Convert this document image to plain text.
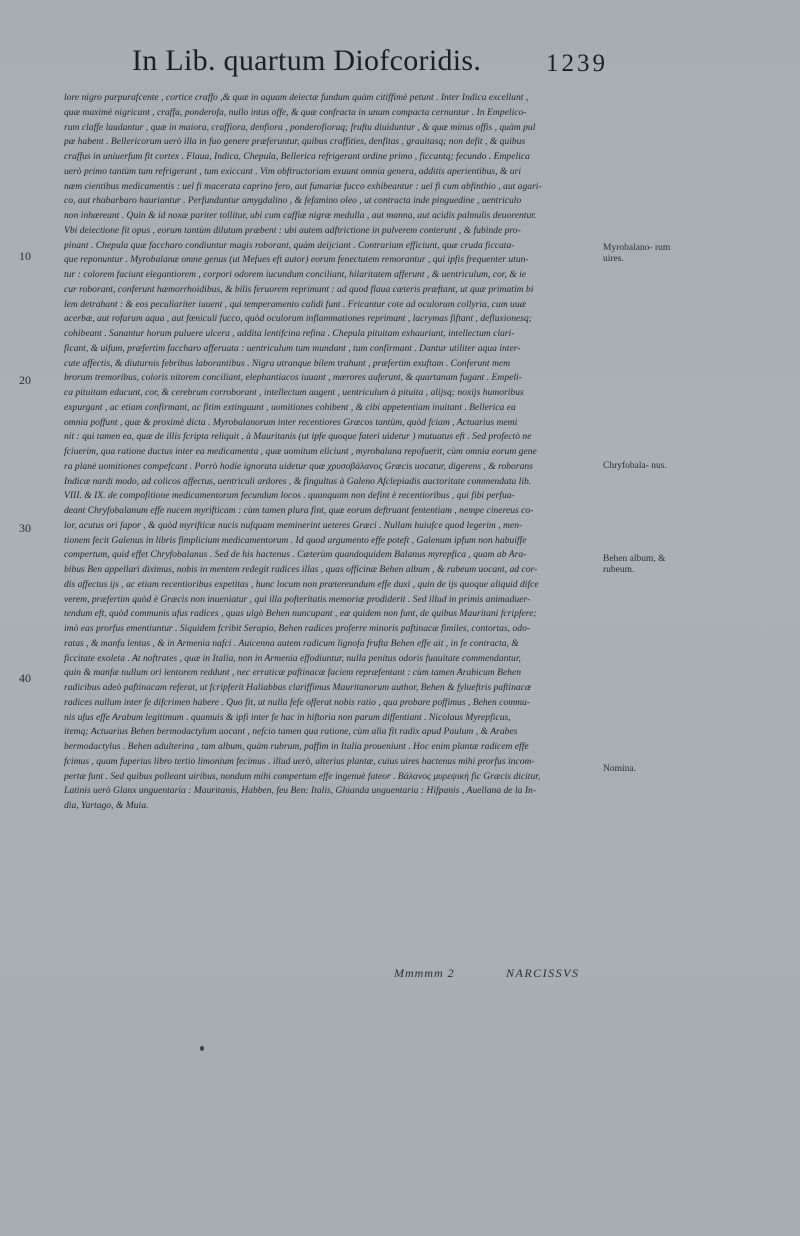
In Lib. quartum Diofcoridis.	1239
lore nigro purpurafcente , cortice craffo ,& quæ in aquam deiectæ fundum quàm citiffimè petunt . Inter Indica excellunt ,
quæ maximè nigricant , craffa, ponderofa, nullo intus offe, & quæ confracta in unum compacta cernuntur . In Empelico-
rum claffe laudantur , quæ in maiora, craffiora, denfiora , ponderofioraq; fruftu diuiduntur , & quæ minus offis , quàm pul
pæ habent . Bellericorum uerò illa in fuo genere præferuntur, quibus craffities, denfitas , grauitasq; non defit , & quibus
craffus in uniuerfum fit cortex . Flaua, Indica, Chepula, Bellerica refrigerant ordine primo , ficcantq; fecundo . Empelica
uerò primo tantùm tum refrigerant , tum exiccant . Vim obftructoriam exuunt omnia genera, additis aperientibus, & uri
næm cientibus medicamentis : uel fi macerata caprino fero, aut fumariæ fucco exhibeantur : uel fi cum abfinthio , aut agari-
co, aut rhabarbaro hauriantur . Perfunduntur amygdalino , & fefamino oleo , ut contracta inde pinguedine , uentriculo
non inhæreant . Quin & id noxæ pariter tollitur, ubi cum caffiæ nigræ medulla , aut manna, aut acidis palmulis deuorentur.
Vbi deiectione fit opus , eorum tantùm dilutum præbent : ubi autem adftrictione in pulverem conterunt , & fubinde pro-
pinant . Chepula quæ faccharo condiuntur magis roborant, quàm deijciant . Contrarium efficiunt, quæ cruda ficcata-
que reponuntur . Myrobalanæ omne genus (ut Mefues eft autor) eorum fenectutem remorantur , qui ipfis frequenter utun-
tur : colorem faciunt elegantiorem , corpori odorem iucundum conciliant, hilaritatem afferunt , & uentriculum, cor, & ie
cur roborant, conferunt hæmorrhoidibus, & bilis feruorem reprimunt : ad quod flaua cæteris præftant, ut quæ primatim bi
lem detrahant : & eos peculiariter iuuent , qui temperamento calidi funt . Fricantur cote ad oculorum collyria, cum uuæ
acerbæ, aut rofarum aqua , aut fœniculi fucco, quòd oculorum inflammationes reprimant , lacrymas fiftant , defluxionesq;
cohibeant . Sanantur horum puluere ulcera , addita lentifcina refina . Chepula pituitam exhauriunt, intellectum clari-
ficant, & uifum, præfertim faccharo afferuata : uentriculum tum mundant , tum confirmant . Dantur utiliter aqua inter-
cute affectis, & diuturnis febribus laborantibus . Nigra utranque bilem trahunt , præfertim exuftam . Conferunt mem
brorum tremoribus, coloris nitorem conciliant, elephantiacos iuuant , mœrores auferunt, & quartanam fugant . Empeli-
ca pituitam educunt, cor, & cerebrum corroborant , intellectum augent , uentriculum à pituita , alijsq; noxijs humoribus
expurgant , ac etiam confirmant, ac fitim extinguunt , uomitiones cohibent , & cibi appetentiam inuitant . Bellerica ea
omnia poffunt , quæ & proximè dicta . Myrobalanorum inter recentiores Græcos tantùm, quòd fciam , Actuarius memi
nit : qui tamen ea, quæ de illis fcripta reliquit , à Mauritanis (ut ipfe quoque fateri uidetur ) mutuatus eft . Sed profectò ne
fciuerim, qua ratione ductus inter ea medicamenta , quæ uomitum eliciunt , myrobalana repofuerit, cùm omnia eorum gene
ra planè uomitiones compefcant . Porrò hodie ignorata uidetur quæ χρυσοβάλανος Græcis uocatur, digerens , & roborans
Indicæ nardi modo, ad colicos affectus, uentriculi ardores , & fingultus à Galeno Afclepiadis auctoritate commendata lib.
VIII. & IX. de compofitione medicamentorum fecundum locos . quanquam non defint è recentioribus , qui fibi perfua-
deant Chryfobalanum effe nucem myrifticam : cùm tamen plura fint, quæ eorum deftruant fententiam , nempe cinereus co-
lor, acutus ori fapor , & quòd myrifticæ nucis nufquam meminerint ueteres Græci . Nullam huiufce quod legerim , men-
tionem fecit Galenus in libris fimplicium medicamentorum . Id quod argumento effe poteft , Galenum ipfum non habuiffe
compertum, quid effet Chryfobalanus . Sed de his hactenus . Cæterùm quandoquidem Balanus myrepfica , quam ab Ara-
bibus Ben appellari diximus, nobis in mentem redegit radices illas , quas officinæ Behen album , & rubeum uocant, ad cor-
dis affectus ijs , ac etiam recentioribus expetitas , hunc locum non prætereundum effe duxi , quin de ijs quoque aliquid difce
verem, præfertim quòd è Græcis non inueniatur , qui illa pofteritatis memoriæ prodiderit . Sed illud in primis animaduer-
tendum eft, quòd communis ufus radices , quas ulgò Behen nuncupant , eæ quidem non funt, de quibus Mauritani fcripfere;
imò eas prorfus ementiuntur . Siquidem fcribit Serapio, Behen radices proferre minoris paftinacæ fimiles, contortas, odo-
ratas , & manfu lentas , & in Armenia nafci . Auicenna autem radicum lignofa frufta Behen effe ait , in fe contracta, &
ficcitate exoleta . At noftrates , quæ in Italia, non in Armenia effodiuntur, nulla penitus odoris fuauitate commendantur,
quin & manfæ nullum ori lentorem reddunt , nec erraticæ paftinacæ faciem repræfentant : cùm tamen Arabicum Behen
radicibus adeò paftinacam referat, ut fcripferit Haliabbas clariffimus Mauritanorum author, Behen & fylueftris paftinacæ
radices nullum inter fe difcrimen habere . Quo fit, ut nulla fefe offerat nobis ratio , qua probare poffimus , Behen commu-
nis ufus effe Arabum legitimum . quamuis & ipfi inter fe hac in hiftoria non parum diffentiant . Nicolaus Myrepficus,
itemq; Actuarius Behen bermodactylum uocant , nefcio tamen qua ratione, cùm alia fit radix apud Paulum , & Arabes
bermodactylus . Behen adulterina , tam album, quàm rubrum, paffim in Italia proueniunt . Hoc enim plantæ radicem effe
fcimus , quam fuperius libro tertio limonium fecimus . illud uerò, alterius plantæ, cuius uires hactenus mihi prorfus incom-
pertæ funt . Sed quibus polleant uiribus, nondum mihi compertum effe ingenuè fateor . Βάλανος μυρεψική fic Græcis dicitur,
Latinis uerò Glanx unguentaria : Mauritanis, Habben, feu Ben: Italis, Ghianda unguentaria : Hifpanis , Auellana de la In-
dia, Yartago, & Muia.
10
20
30
40
Myrobalano- rum uires.
Chryfobala- nus.
Behen album, & rubeum.
Nomina.
Mmmmm 2	NARCISSVS
